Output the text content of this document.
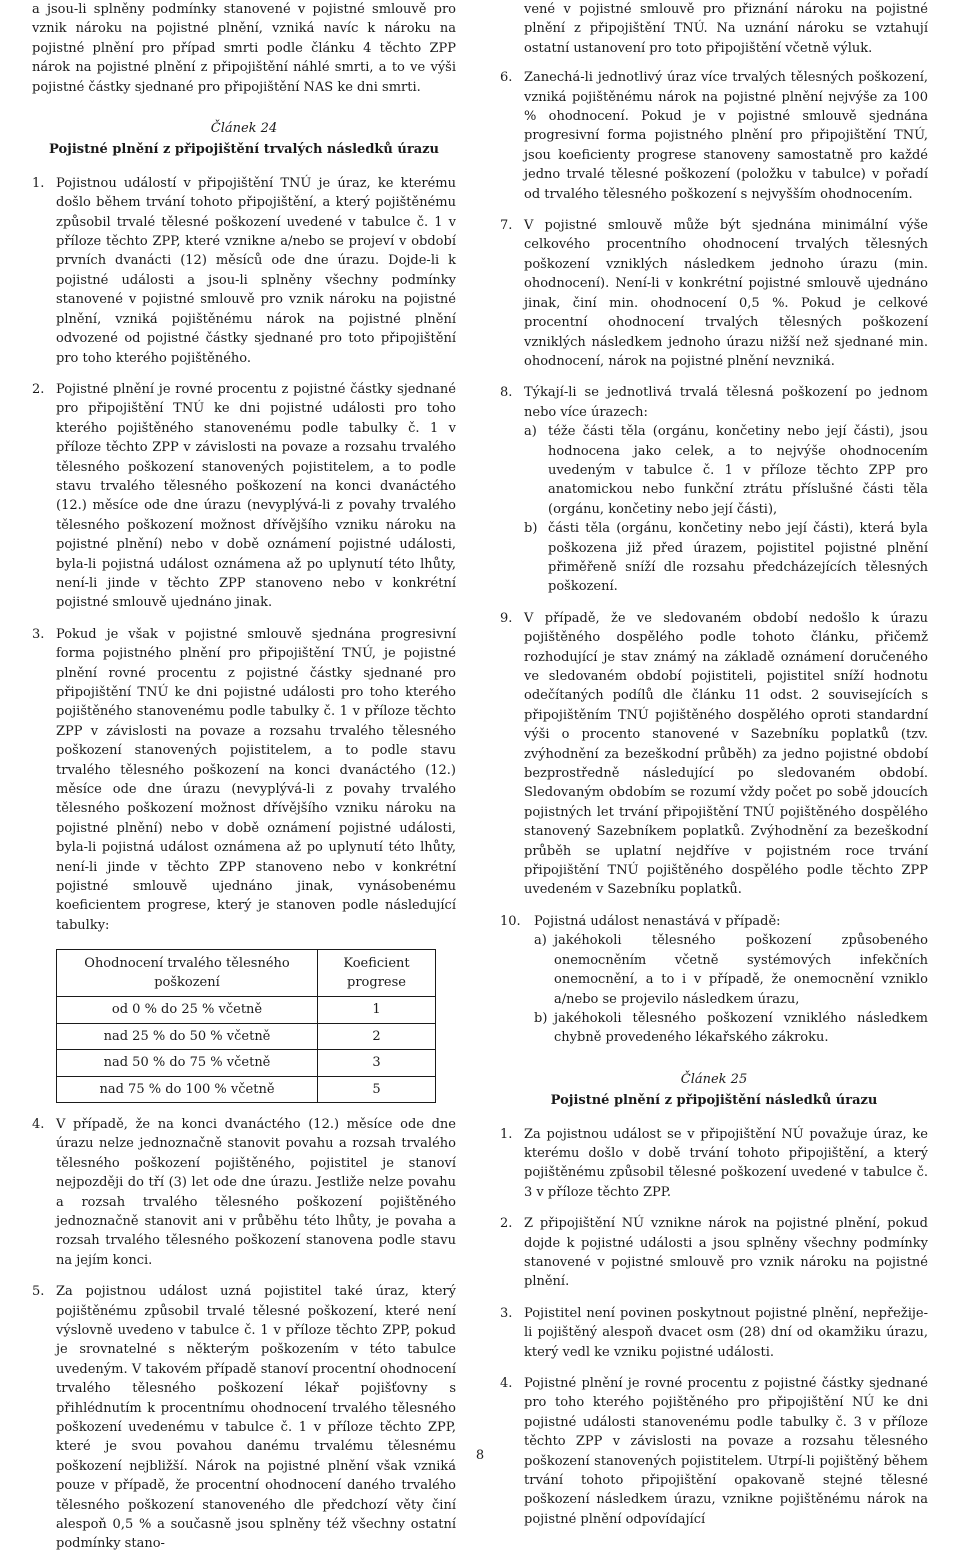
a jsou-li splněny podmínky stanovené v pojistné smlouvě pro vznik nároku na pojistné plnění, vzniká navíc k nároku na pojistné plnění pro případ smrti podle článku 4 těchto ZPP nárok na pojistné plnění z připojištění náhlé smrti, a to ve výši pojistné částky sjednané pro připojištění NAS ke dni smrti.

Článek 24
Pojistné plnění z připojištění trvalých následků úrazu
1. Pojistnou událostí v připojištění TNÚ je úraz, ke kterému došlo během trvání tohoto připojištění, a který pojištěnému způsobil trvalé tělesné poškození uvedené v tabulce č. 1 v příloze těchto ZPP, které vznikne a/nebo se projeví v období prvních dvanácti (12) měsíců ode dne úrazu. Dojde-li k pojistné události a jsou-li splněny všechny podmínky stanovené v pojistné smlouvě pro vznik nároku na pojistné plnění, vzniká pojištěnému nárok na pojistné plnění odvozené od pojistné částky sjednané pro toto připojištění pro toho kterého pojištěného.

2. Pojistné plnění je rovné procentu z pojistné částky sjednané pro připojištění TNÚ ke dni pojistné události pro toho kterého pojištěného stanovenému podle tabulky č. 1 v příloze těchto ZPP v závislosti na povaze a rozsahu trvalého tělesného poškození stanovených pojistitelem, a to podle stavu trvalého tělesného poškození na konci dvanáctého (12.) měsíce ode dne úrazu (nevyplývá-li z povahy trvalého tělesného poškození možnost dřívějšího vzniku nároku na pojistné plnění) nebo v době oznámení pojistné události, byla-li pojistná událost oznámena až po uplynutí této lhůty, není-li jinde v těchto ZPP stanoveno nebo v konkrétní pojistné smlouvě ujednáno jinak.

3. Pokud je však v pojistné smlouvě sjednána progresivní forma pojistného plnění pro připojištění TNÚ, je pojistné plnění rovné procentu z pojistné částky sjednané pro připojištění TNÚ ke dni pojistné události pro toho kterého pojištěného stanovenému podle tabulky č. 1 v příloze těchto ZPP v závislosti na povaze a rozsahu trvalého tělesného poškození stanovených pojistitelem, a to podle stavu trvalého tělesného poškození na konci dvanáctého (12.) měsíce ode dne úrazu (nevyplývá-li z povahy trvalého tělesného poškození možnost dřívějšího vzniku nároku na pojistné plnění) nebo v době oznámení pojistné události, byla-li pojistná událost oznámena až po uplynutí této lhůty, není-li jinde v těchto ZPP stanoveno nebo v konkrétní pojistné smlouvě ujednáno jinak, vynásobenému koeficientem progrese, který je stanoven podle následující tabulky:

Ohodnocení trvalého tělesného poškození	Koeficient progrese
od 0 % do 25 % včetně	1
nad 25 % do 50 % včetně	2
nad 50 % do 75 % včetně	3
nad 75 % do 100 % včetně	5
4. V případě, že na konci dvanáctého (12.) měsíce ode dne úrazu nelze jednoznačně stanovit povahu a rozsah trvalého tělesného poškození pojištěného, pojistitel je stanoví nejpozději do tří (3) let ode dne úrazu. Jestliže nelze povahu a rozsah trvalého tělesného poškození pojištěného jednoznačně stanovit ani v průběhu této lhůty, je povaha a rozsah trvalého tělesného poškození stanovena podle stavu na jejím konci.

5. Za pojistnou událost uzná pojistitel také úraz, který pojištěnému způsobil trvalé tělesné poškození, které není výslovně uvedeno v tabulce č. 1 v příloze těchto ZPP, pokud je srovnatelné s některým poškozením v této tabulce uvedeným. V takovém případě stanoví procentní ohodnocení trvalého tělesného poškození lékař pojišťovny s přihlédnutím k procentnímu ohodnocení trvalého tělesného poškození uvedenému v tabulce č. 1 v příloze těchto ZPP, které je svou povahou danému trvalému tělesnému poškození nejbližší. Nárok na pojistné plnění však vzniká pouze v případě, že procentní ohodnocení daného trvalého tělesného poškození stanoveného dle předchozí věty činí alespoň 0,5 % a současně jsou splněny též všechny ostatní podmínky stano-

vené v pojistné smlouvě pro přiznání nároku na pojistné plnění z připojištění TNÚ. Na uznání nároku se vztahují ostatní ustanovení pro toto připojištění včetně výluk.

6. Zanechá-li jednotlivý úraz více trvalých tělesných poškození, vzniká pojištěnému nárok na pojistné plnění nejvýše za 100 % ohodnocení. Pokud je v pojistné smlouvě sjednána progresivní forma pojistného plnění pro připojištění TNÚ, jsou koeficienty progrese stanoveny samostatně pro každé jedno trvalé tělesné poškození (položku v tabulce) v pořadí od trvalého tělesného poškození s nejvyšším ohodnocením.

7. V pojistné smlouvě může být sjednána minimální výše celkového procentního ohodnocení trvalých tělesných poškození vzniklých následkem jednoho úrazu (min. ohodnocení). Není-li v konkrétní pojistné smlouvě ujednáno jinak, činí min. ohodnocení 0,5 %. Pokud je celkové procentní ohodnocení trvalých tělesných poškození vzniklých následkem jednoho úrazu nižší než sjednané min. ohodnocení, nárok na pojistné plnění nevzniká.

8. Týkají-li se jednotlivá trvalá tělesná poškození po jednom nebo více úrazech:

a) téže části těla (orgánu, končetiny nebo její části), jsou hodnocena jako celek, a to nejvýše ohodnocením uvedeným v tabulce č. 1 v příloze těchto ZPP pro anatomickou nebo funkční ztrátu příslušné části těla (orgánu, končetiny nebo její části),

b) části těla (orgánu, končetiny nebo její části), která byla poškozena již před úrazem, pojistitel pojistné plnění přiměřeně sníží dle rozsahu předcházejících tělesných poškození.

9. V případě, že ve sledovaném období nedošlo k úrazu pojištěného dospělého podle tohoto článku, přičemž rozhodující je stav známý na základě oznámení doručeného ve sledovaném období pojistiteli, pojistitel sníží hodnotu odečítaných podílů dle článku 11 odst. 2 souvisejících s připojištěním TNÚ pojištěného dospělého oproti standardní výši o procento stanovené v Sazebníku poplatků (tzv. zvýhodnění za bezeškodní průběh) za jedno pojistné období bezprostředně následující po sledovaném období. Sledovaným obdobím se rozumí vždy počet po sobě jdoucích pojistných let trvání připojištění TNÚ pojištěného dospělého stanovený Sazebníkem poplatků. Zvýhodnění za bezeškodní průběh se uplatní nejdříve v pojistném roce trvání připojištění TNÚ pojištěného dospělého podle těchto ZPP uvedeném v Sazebníku poplatků.

10. Pojistná událost nenastává v případě:

a) jakéhokoli tělesného poškození způsobeného onemocněním včetně systémových infekčních onemocnění, a to i v případě, že onemocnění vzniklo a/nebo se projevilo následkem úrazu,

b) jakéhokoli tělesného poškození vzniklého následkem chybně provedeného lékařského zákroku.

Článek 25
Pojistné plnění z připojištění následků úrazu
1. Za pojistnou událost se v připojištění NÚ považuje úraz, ke kterému došlo v době trvání tohoto připojištění, a který pojištěnému způsobil tělesné poškození uvedené v tabulce č. 3 v příloze těchto ZPP.

2. Z připojištění NÚ vznikne nárok na pojistné plnění, pokud dojde k pojistné události a jsou splněny všechny podmínky stanovené v pojistné smlouvě pro vznik nároku na pojistné plnění.

3. Pojistitel není povinen poskytnout pojistné plnění, nepřežije-li pojištěný alespoň dvacet osm (28) dní od okamžiku úrazu, který vedl ke vzniku pojistné události.

4. Pojistné plnění je rovné procentu z pojistné částky sjednané pro toho kterého pojištěného pro připojištění NÚ ke dni pojistné události stanovenému podle tabulky č. 3 v příloze těchto ZPP v závislosti na povaze a rozsahu tělesného poškození stanovených pojistitelem. Utrpí-li pojištěný během trvání tohoto připojištění opakovaně stejné tělesné poškození následkem úrazu, vznikne pojištěnému nárok na pojistné plnění odpovídající

8
